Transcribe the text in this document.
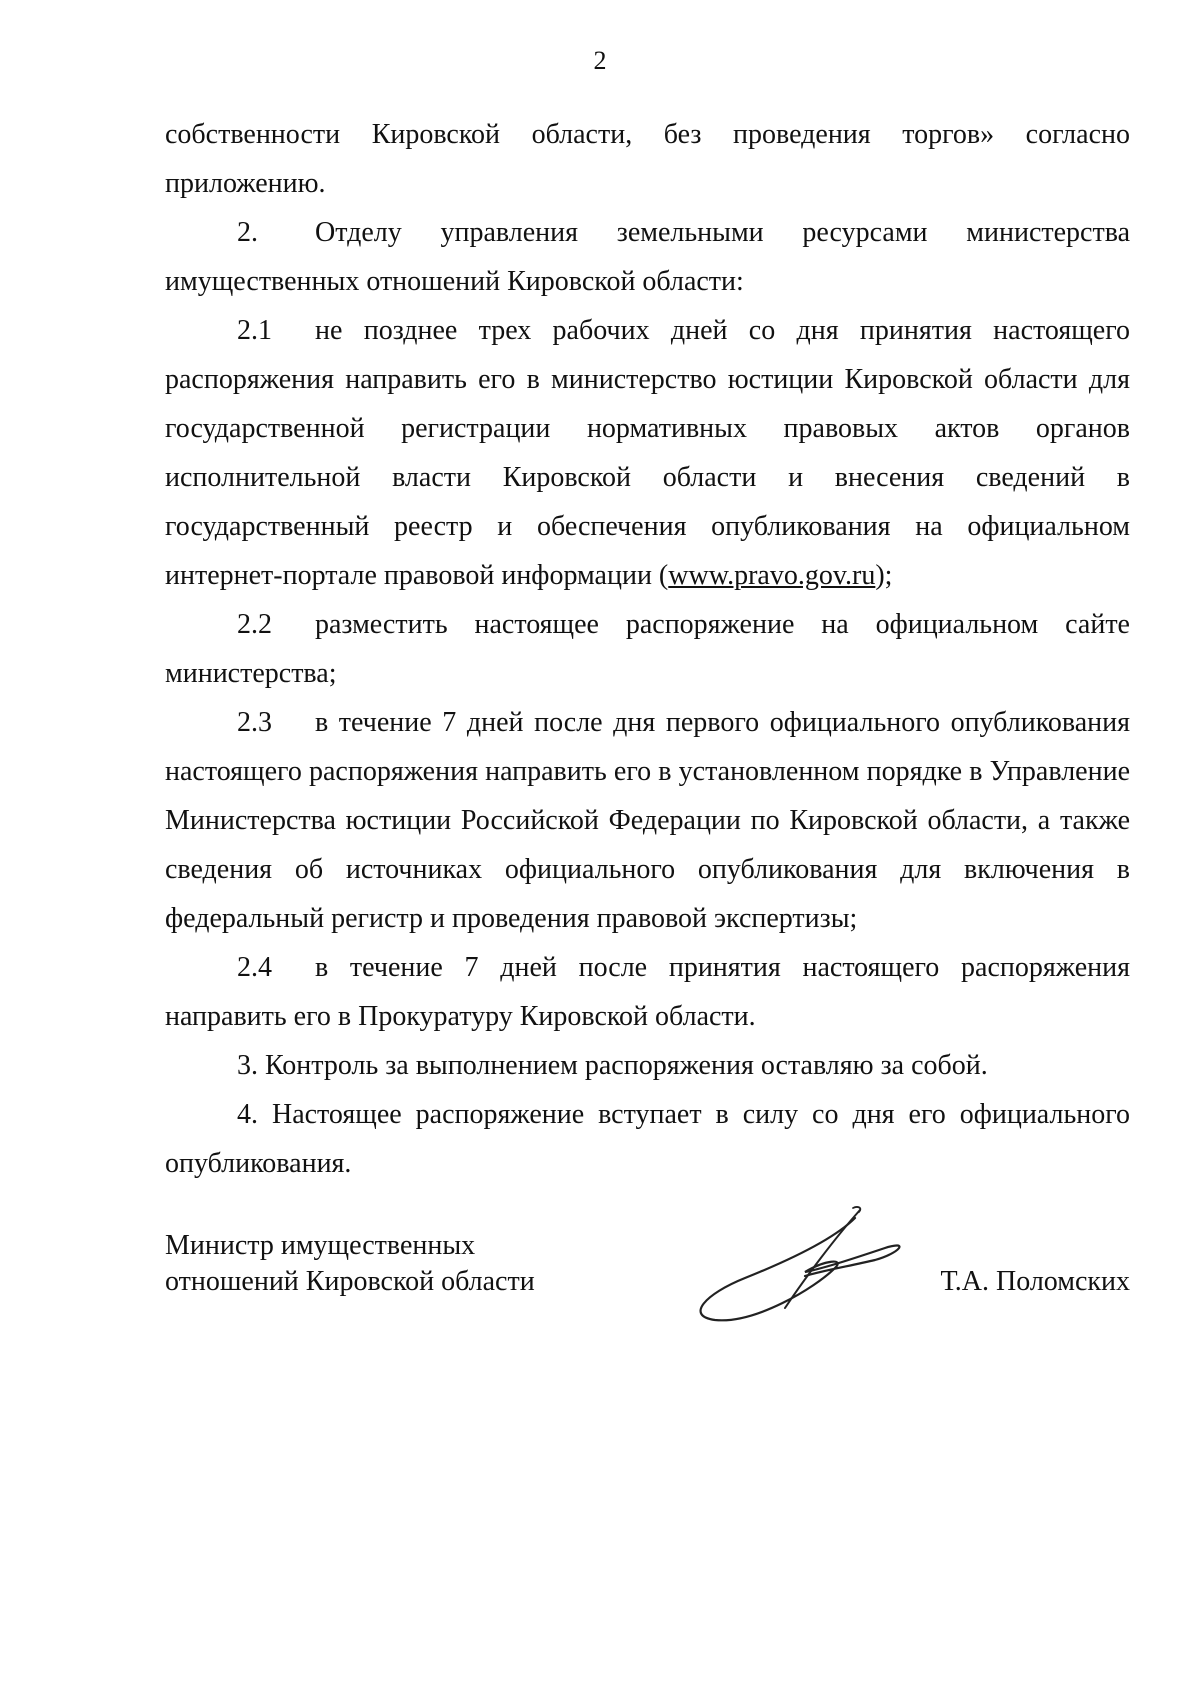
2

собственности Кировской области, без проведения торгов» согласно приложению.

2. Отделу управления земельными ресурсами министерства имущественных отношений Кировской области:

2.1 не позднее трех рабочих дней со дня принятия настоящего распоряжения направить его в министерство юстиции Кировской области для государственной регистрации нормативных правовых актов органов исполнительной власти Кировской области и внесения сведений в государственный реестр и обеспечения опубликования на официальном интернет-портале правовой информации (www.pravo.gov.ru);

2.2 разместить настоящее распоряжение на официальном сайте министерства;

2.3 в течение 7 дней после дня первого официального опубликования настоящего распоряжения направить его в установленном порядке в Управление Министерства юстиции Российской Федерации по Кировской области, а также сведения об источниках официального опубликования для включения в федеральный регистр и проведения правовой экспертизы;

2.4 в течение 7 дней после принятия настоящего распоряжения направить его в Прокуратуру Кировской области.

3. Контроль за выполнением распоряжения оставляю за собой.

4. Настоящее распоряжение вступает в силу со дня его официального опубликования.

Министр имущественных
отношений Кировской области	Т.А. Поломских
